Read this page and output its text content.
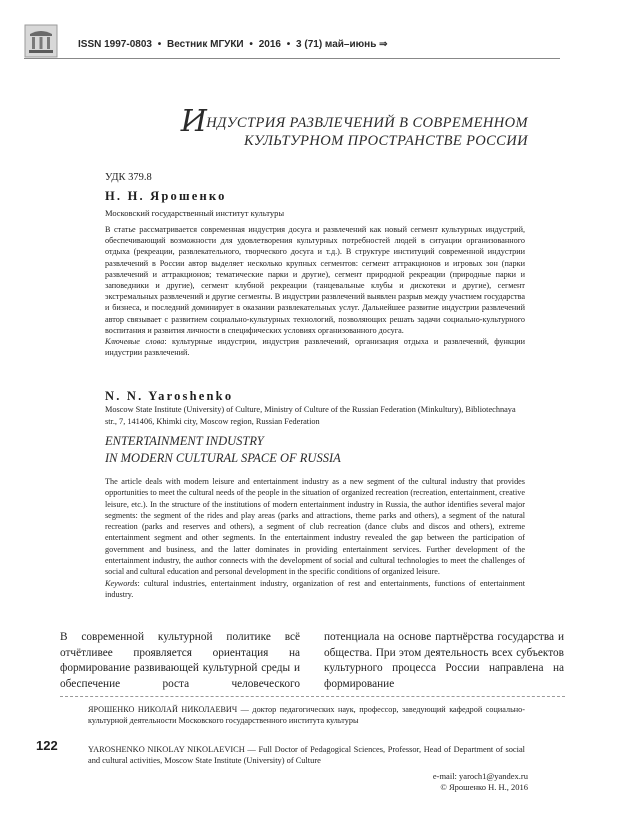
ISSN 1997-0803 • Вестник МГУКИ • 2016 • 3 (71) май–июнь ⇒
ИНДУСТРИЯ РАЗВЛЕЧЕНИЙ В СОВРЕМЕННОМ
КУЛЬТУРНОМ ПРОСТРАНСТВЕ РОССИИ
УДК 379.8
Н. Н. Ярошенко
Московский государственный институт культуры
В статье рассматривается современная индустрия досуга и развлечений как новый сегмент культурных индустрий, обеспечивающий возможности для удовлетворения культурных потребностей людей в ситуации организованного отдыха (рекреации, развлекательного, творческого досуга и т.д.). В структуре институций современной индустрии развлечений в России автор выделяет несколько крупных сегментов: сегмент аттракционов и игровых зон (парки развлечений и аттракционов; тематические парки и другие), сегмент природной рекреации (природные парки и заповедники и другие), сегмент клубной рекреации (танцевальные клубы и дискотеки и другие), сегмент экстремальных развлечений и другие сегменты. В индустрии развлечений выявлен разрыв между участием государства и бизнеса, и последний доминирует в оказании развлекательных услуг. Дальнейшее развитие индустрии развлечений автор связывает с развитием социально-культурных технологий, позволяющих решать задачи социально-культурного воспитания и развития личности в специфических условиях организованного досуга.
Ключевые слова: культурные индустрии, индустрия развлечений, организация отдыха и развлечений, функции индустрии развлечений.
N. N. Yaroshenko
Moscow State Institute (University) of Culture, Ministry of Culture of the Russian Federation (Minkultury), Bibliotechnaya str., 7, 141406, Khimki city, Moscow region, Russian Federation
ENTERTAINMENT INDUSTRY
IN MODERN CULTURAL SPACE OF RUSSIA
The article deals with modern leisure and entertainment industry as a new segment of the cultural industry that provides opportunities to meet the cultural needs of the people in the situation of organized recreation (recreation, entertainment, creative leisure, etc.). In the structure of the institutions of modern entertainment industry in Russia, the author identifies several major segments: the segment of the rides and play areas (parks and attractions, theme parks and others), a segment of the natural recreation (parks and reserves and others), a segment of club recreation (dance clubs and discos and others), extreme entertainment segment and other segments. In the entertainment industry revealed the gap between the participation of government and business, and the latter dominates in providing entertainment services. Further development of the entertainment industry, the author connects with the development of social and cultural technologies to meet the challenges of social and cultural education and personal development in the specific conditions of organized leisure.
Keywords: cultural industries, entertainment industry, organization of rest and entertainments, functions of entertainment industry.
В современной культурной политике всё отчётливее проявляется ориентация на формирование развивающей культурной среды и обеспечение роста человеческого
потенциала на основе партнёрства государства и общества. При этом деятельность всех субъектов культурного процесса России направлена на формирование
122
ЯРОШЕНКО НИКОЛАЙ НИКОЛАЕВИЧ — доктор педагогических наук, профессор, заведующий кафедрой социально-культурной деятельности Московского государственного института культуры
YAROSHENKO NIKOLAY NIKOLAEVICH — Full Doctor of Pedagogical Sciences, Professor, Head of Department of social and cultural activities, Moscow State Institute (University) of Culture
e-mail: yaroch1@yandex.ru
© Ярошенко Н. Н., 2016
